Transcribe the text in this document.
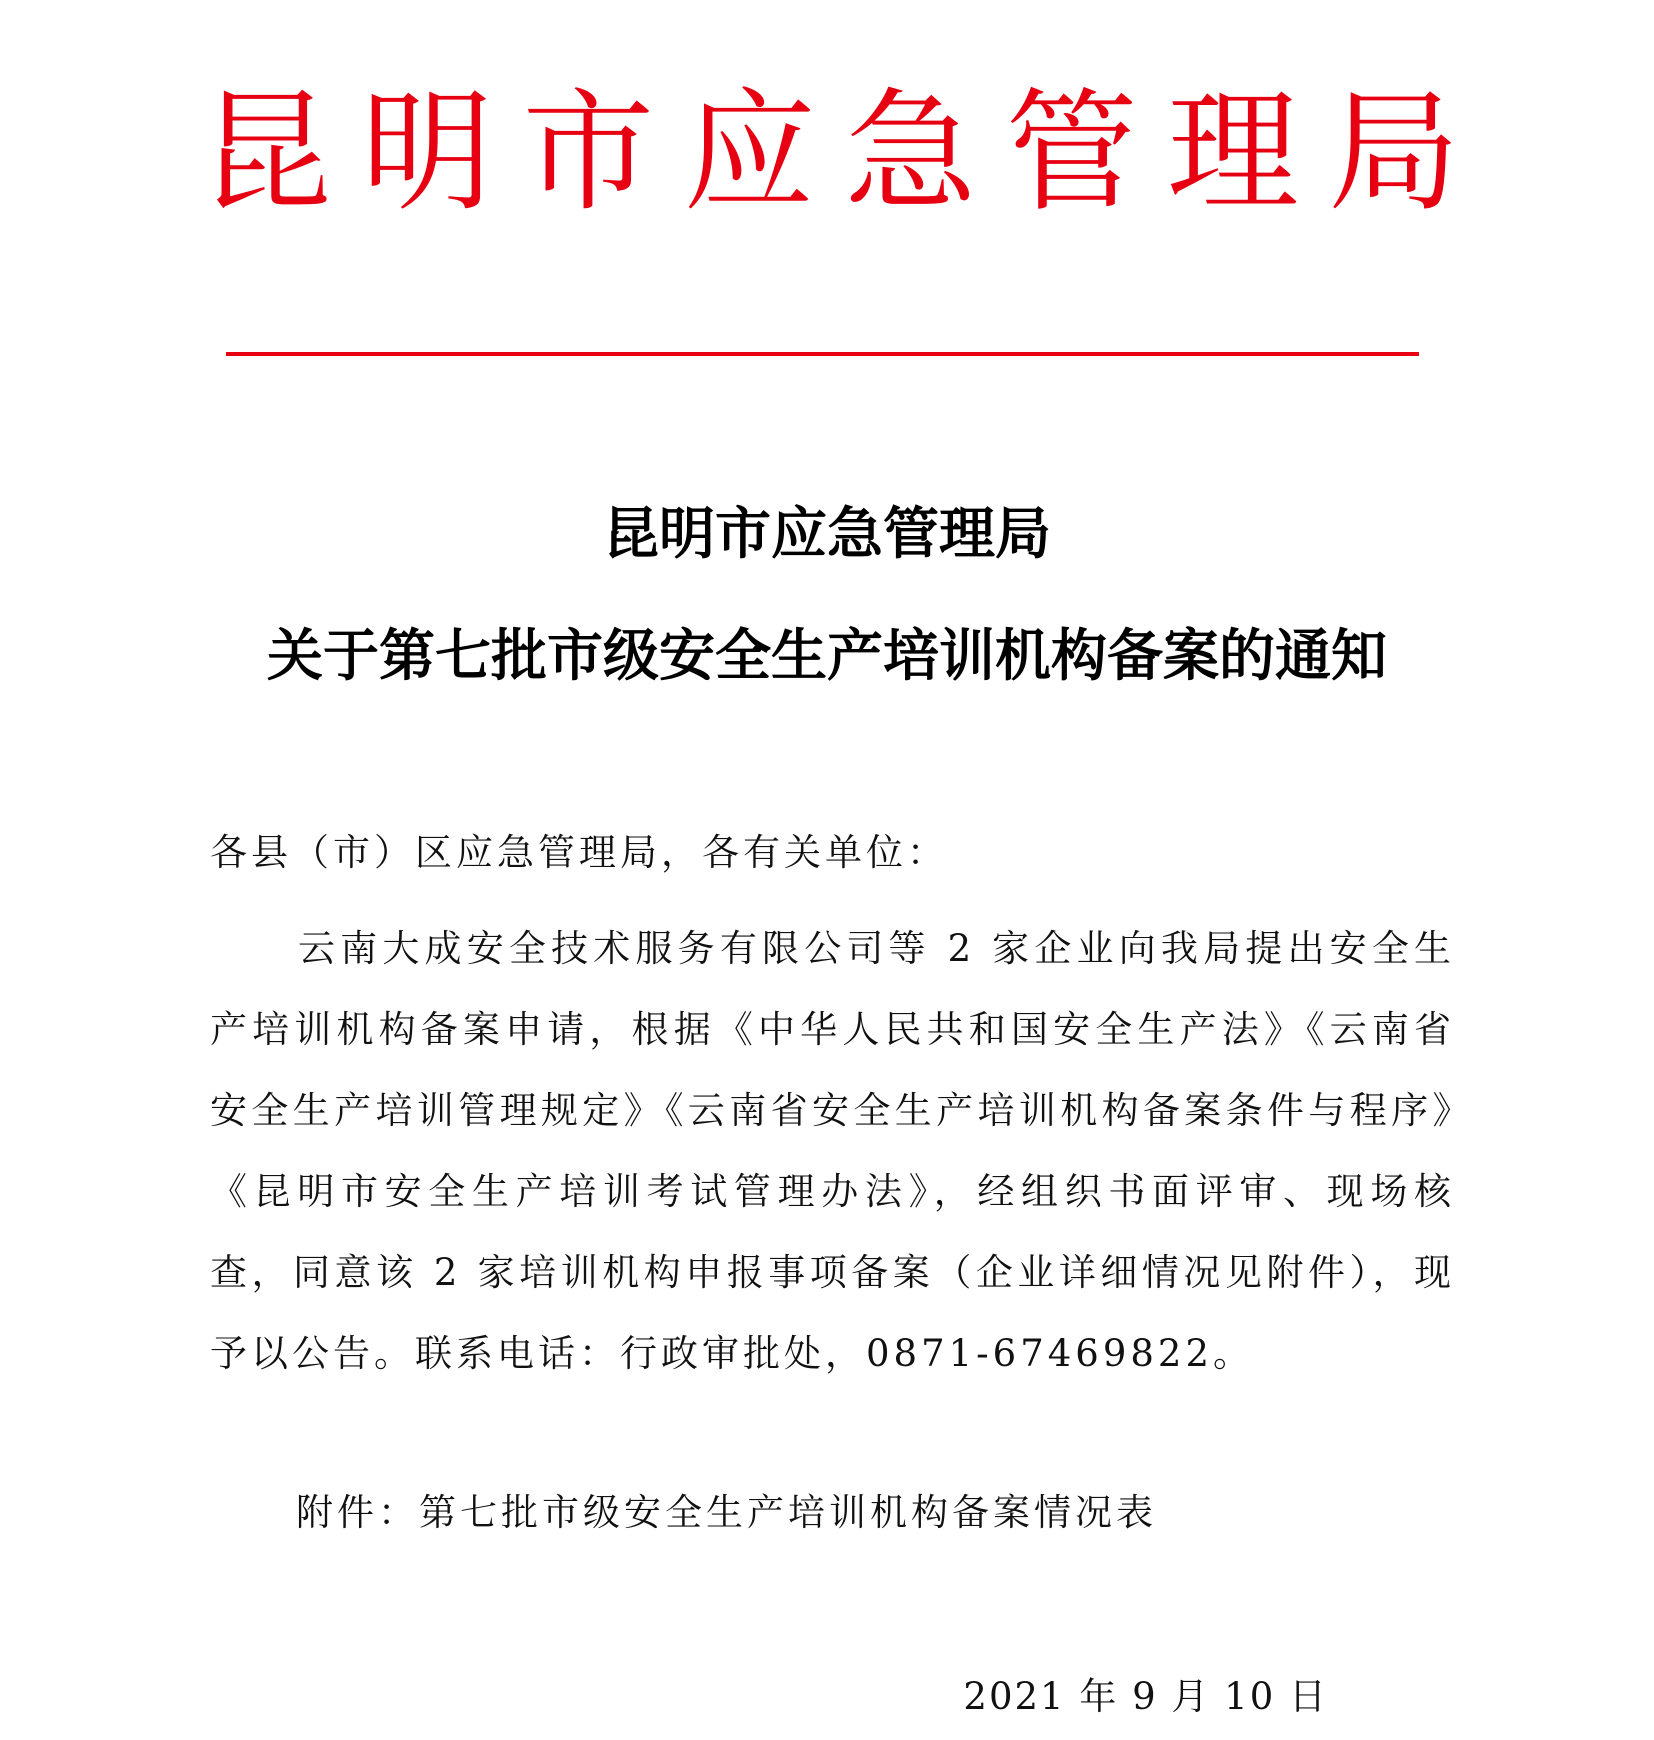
昆 明 市 应 急 管 理 局
昆明市应急管理局
关于第七批市级安全生产培训机构备案的通知
各县（市）区应急管理局，各有关单位：

云南大成安全技术服务有限公司等 2 家企业向我局提出安全生产培训机构备案申请，根据《中华人民共和国安全生产法》《云南省安全生产培训管理规定》《云南省安全生产培训机构备案条件与程序》《昆明市安全生产培训考试管理办法》，经组织书面评审、现场核查，同意该 2 家培训机构申报事项备案（企业详细情况见附件），现予以公告。联系电话：行政审批处，0871-67469822。

附件：第七批市级安全生产培训机构备案情况表
2021 年 9 月 10 日
